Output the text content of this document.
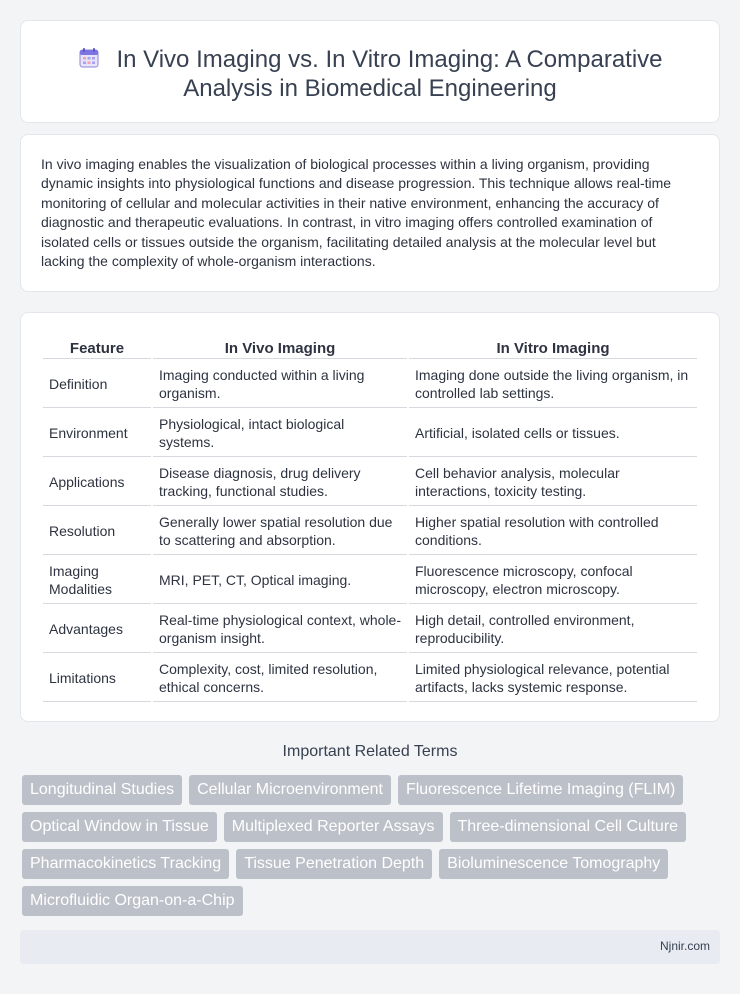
In Vivo Imaging vs. In Vitro Imaging: A Comparative
Analysis in Biomedical Engineering

In vivo imaging enables the visualization of biological processes within a living organism, providing dynamic insights into physiological functions and disease progression. This technique allows real-time monitoring of cellular and molecular activities in their native environment, enhancing the accuracy of diagnostic and therapeutic evaluations. In contrast, in vitro imaging offers controlled examination of isolated cells or tissues outside the organism, facilitating detailed analysis at the molecular level but lacking the complexity of whole-organism interactions.

Feature	In Vivo Imaging	In Vitro Imaging
Definition	Imaging conducted within a living organism.	Imaging done outside the living organism, in controlled lab settings.
Environment	Physiological, intact biological systems.	Artificial, isolated cells or tissues.
Applications	Disease diagnosis, drug delivery tracking, functional studies.	Cell behavior analysis, molecular interactions, toxicity testing.
Resolution	Generally lower spatial resolution due to scattering and absorption.	Higher spatial resolution with controlled conditions.
Imaging Modalities	MRI, PET, CT, Optical imaging.	Fluorescence microscopy, confocal microscopy, electron microscopy.
Advantages	Real-time physiological context, whole-organism insight.	High detail, controlled environment, reproducibility.
Limitations	Complexity, cost, limited resolution, ethical concerns.	Limited physiological relevance, potential artifacts, lacks systemic response.
Important Related Terms
Longitudinal Studies	Cellular Microenvironment	Fluorescence Lifetime Imaging (FLIM)
Optical Window in Tissue	Multiplexed Reporter Assays	Three-dimensional Cell Culture
Pharmacokinetics Tracking	Tissue Penetration Depth	Bioluminescence Tomography
Microfluidic Organ-on-a-Chip
Njnir.com
